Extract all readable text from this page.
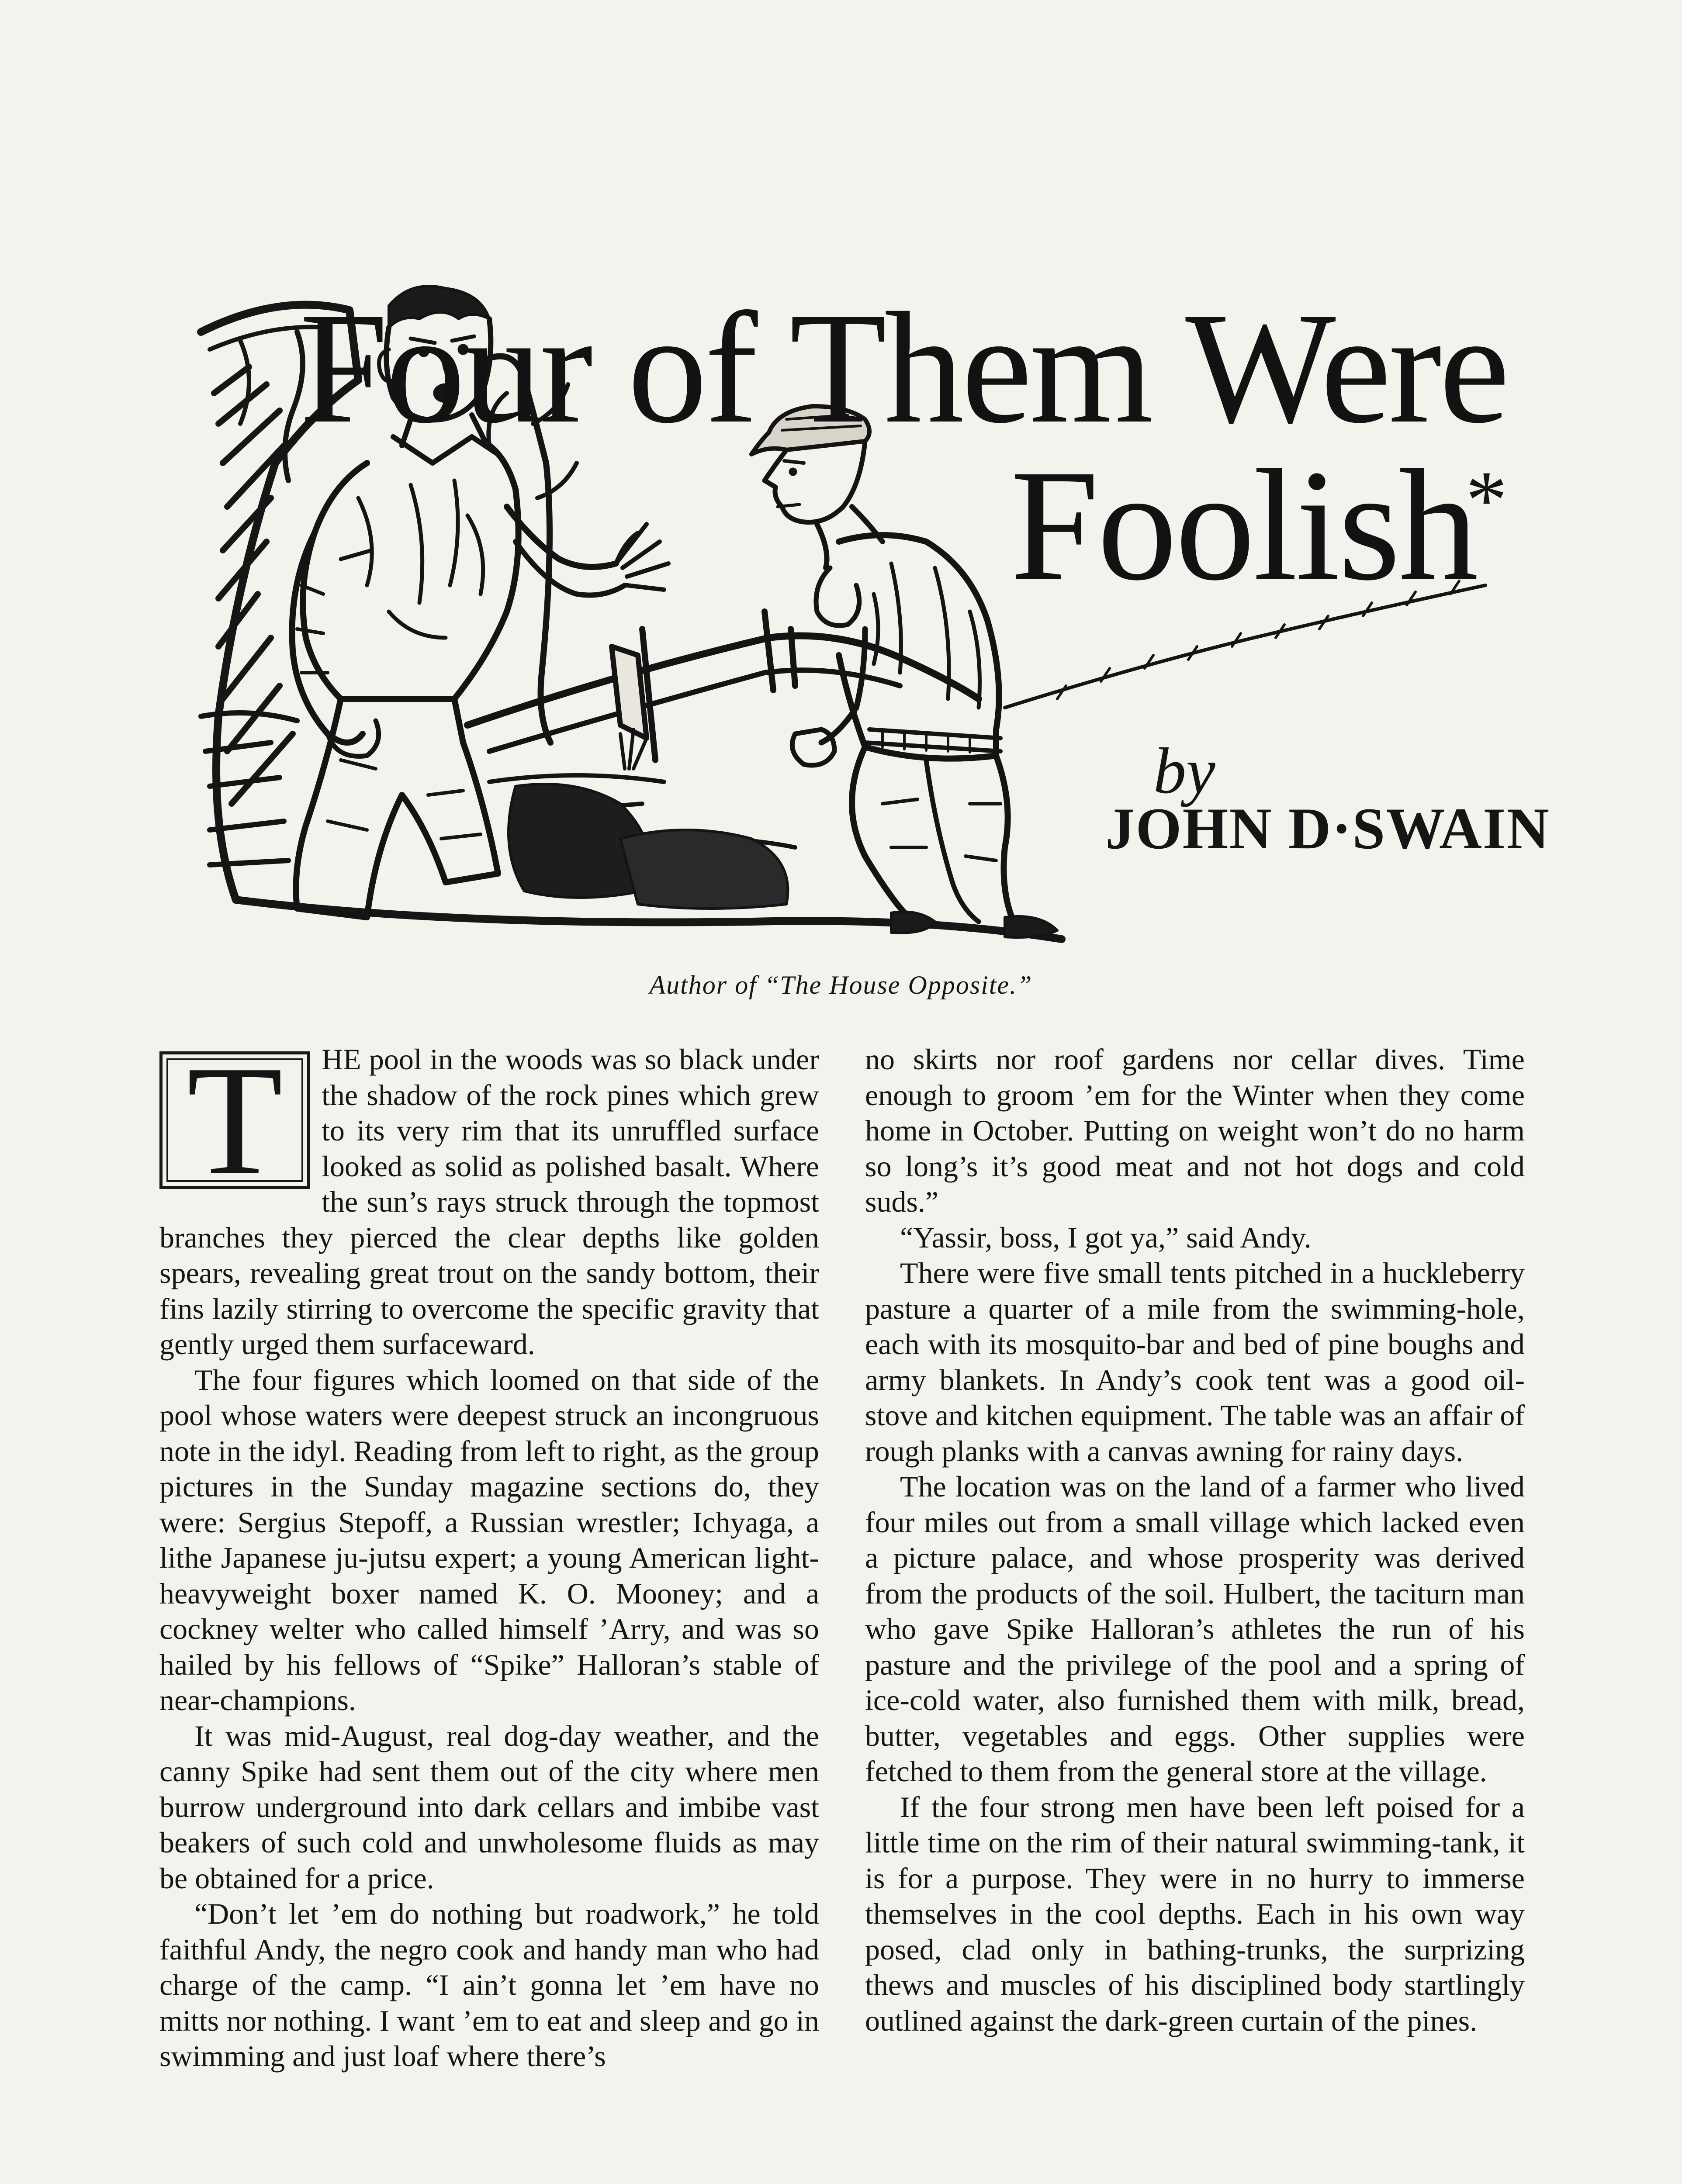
Four of Them Were
Foolish
*
by
JOHN D·SWAIN
Author of “The House Opposite.”

T	HE pool in the woods was so black under the shadow of the rock pines which grew to its very rim that its unruffled surface looked as solid as polished basalt. Where the sun’s rays struck through the topmost branches they pierced the clear depths like golden spears, revealing great trout on the sandy bottom, their fins lazily stirring to overcome the specific gravity that gently urged them surfaceward.

The four figures which loomed on that side of the pool whose waters were deepest struck an incongruous note in the idyl. Reading from left to right, as the group pictures in the Sunday magazine sections do, they were: Sergius Stepoff, a Russian wrestler; Ichyaga, a lithe Japanese ju-jutsu expert; a young American light-heavyweight boxer named K. O. Mooney; and a cockney welter who called himself ’Arry, and was so hailed by his fellows of “Spike” Halloran’s stable of near-champions.

It was mid-August, real dog-day weather, and the canny Spike had sent them out of the city where men burrow underground into dark cellars and imbibe vast beakers of such cold and unwholesome fluids as may be obtained for a price.

“Don’t let ’em do nothing but roadwork,” he told faithful Andy, the negro cook and handy man who had charge of the camp. “I ain’t gonna let ’em have no mitts nor nothing. I want ’em to eat and sleep and go in swimming and just loaf where there’s

no skirts nor roof gardens nor cellar dives. Time enough to groom ’em for the Winter when they come home in October. Putting on weight won’t do no harm so long’s it’s good meat and not hot dogs and cold suds.”

“Yassir, boss, I got ya,” said Andy.

There were five small tents pitched in a huckleberry pasture a quarter of a mile from the swimming-hole, each with its mosquito-bar and bed of pine boughs and army blankets. In Andy’s cook tent was a good oil-stove and kitchen equipment. The table was an affair of rough planks with a canvas awning for rainy days.

The location was on the land of a farmer who lived four miles out from a small village which lacked even a picture palace, and whose prosperity was derived from the products of the soil. Hulbert, the taciturn man who gave Spike Halloran’s athletes the run of his pasture and the privilege of the pool and a spring of ice-cold water, also furnished them with milk, bread, butter, vegetables and eggs. Other supplies were fetched to them from the general store at the village.

If the four strong men have been left poised for a little time on the rim of their natural swimming-tank, it is for a purpose. They were in no hurry to immerse themselves in the cool depths. Each in his own way posed, clad only in bathing-trunks, the surprizing thews and muscles of his disciplined body startlingly outlined against the dark-green curtain of the pines.
